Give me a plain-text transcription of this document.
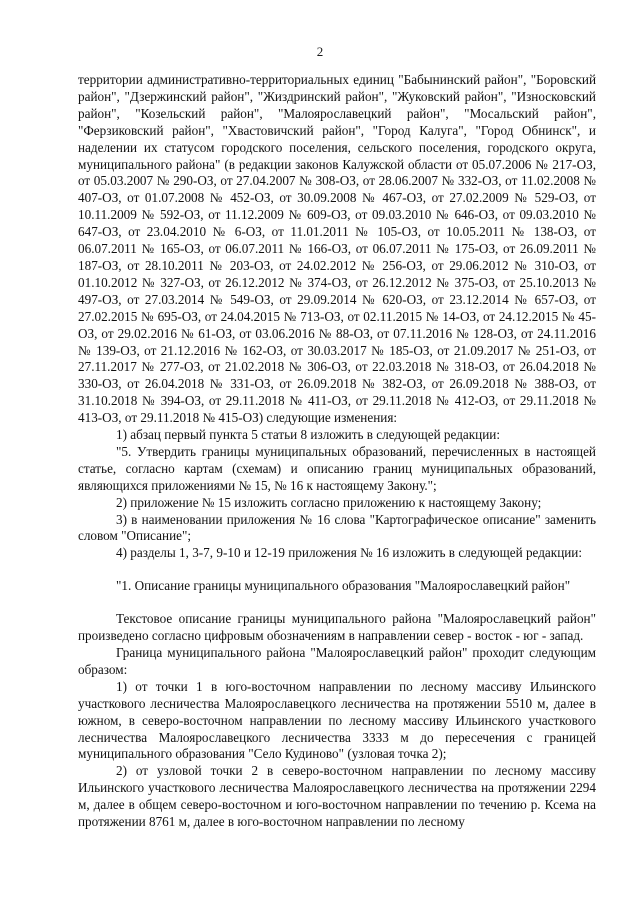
2

территории административно-территориальных единиц "Бабынинский район", "Боровский район", "Дзержинский район", "Жиздринский район", "Жуковский район", "Износковский район", "Козельский район", "Малоярославецкий район", "Мосальский район", "Ферзиковский район", "Хвастовичский район", "Город Калуга", "Город Обнинск", и наделении их статусом городского поселения, сельского поселения, городского округа, муниципального района" (в редакции законов Калужской области от 05.07.2006 № 217-ОЗ, от 05.03.2007 № 290-ОЗ, от 27.04.2007 № 308-ОЗ, от 28.06.2007 № 332-ОЗ, от 11.02.2008 № 407-ОЗ, от 01.07.2008 № 452-ОЗ, от 30.09.2008 № 467-ОЗ, от 27.02.2009 № 529-ОЗ, от 10.11.2009 № 592-ОЗ, от 11.12.2009 № 609-ОЗ, от 09.03.2010 № 646-ОЗ, от 09.03.2010 № 647-ОЗ, от 23.04.2010 № 6-ОЗ, от 11.01.2011 № 105-ОЗ, от 10.05.2011 № 138-ОЗ, от 06.07.2011 № 165-ОЗ, от 06.07.2011 № 166-ОЗ, от 06.07.2011 № 175-ОЗ, от 26.09.2011 № 187-ОЗ, от 28.10.2011 № 203-ОЗ, от 24.02.2012 № 256-ОЗ, от 29.06.2012 № 310-ОЗ, от 01.10.2012 № 327-ОЗ, от 26.12.2012 № 374-ОЗ, от 26.12.2012 № 375-ОЗ, от 25.10.2013 № 497-ОЗ, от 27.03.2014 № 549-ОЗ, от 29.09.2014 № 620-ОЗ, от 23.12.2014 № 657-ОЗ, от 27.02.2015 № 695-ОЗ, от 24.04.2015 № 713-ОЗ, от 02.11.2015 № 14-ОЗ, от 24.12.2015 № 45-ОЗ, от 29.02.2016 № 61-ОЗ, от 03.06.2016 № 88-ОЗ, от 07.11.2016 № 128-ОЗ, от 24.11.2016 № 139-ОЗ, от 21.12.2016 № 162-ОЗ, от 30.03.2017 № 185-ОЗ, от 21.09.2017 № 251-ОЗ, от 27.11.2017 № 277-ОЗ, от 21.02.2018 № 306-ОЗ, от 22.03.2018 № 318-ОЗ, от 26.04.2018 № 330-ОЗ, от 26.04.2018 № 331-ОЗ, от 26.09.2018 № 382-ОЗ, от 26.09.2018 № 388-ОЗ, от 31.10.2018 № 394-ОЗ, от 29.11.2018 № 411-ОЗ, от 29.11.2018 № 412-ОЗ, от 29.11.2018 № 413-ОЗ, от 29.11.2018 № 415-ОЗ) следующие изменения:

1) абзац первый пункта 5 статьи 8 изложить в следующей редакции:

"5. Утвердить границы муниципальных образований, перечисленных в настоящей статье, согласно картам (схемам) и описанию границ муниципальных образований, являющихся приложениями № 15, № 16 к настоящему Закону.";

2) приложение № 15 изложить согласно приложению к настоящему Закону;

3) в наименовании приложения № 16 слова "Картографическое описание" заменить словом "Описание";

4) разделы 1, 3-7, 9-10 и 12-19 приложения № 16 изложить в следующей редакции:

"1. Описание границы муниципального образования "Малоярославецкий район"

Текстовое описание границы муниципального района "Малоярославецкий район" произведено согласно цифровым обозначениям в направлении север - восток - юг - запад.

Граница муниципального района "Малоярославецкий район" проходит следующим образом:

1) от точки 1 в юго-восточном направлении по лесному массиву Ильинского участкового лесничества Малоярославецкого лесничества на протяжении 5510 м, далее в южном, в северо-восточном направлении по лесному массиву Ильинского участкового лесничества Малоярославецкого лесничества 3333 м до пересечения с границей муниципального образования "Село Кудиново" (узловая точка 2);

2) от узловой точки 2 в северо-восточном направлении по лесному массиву Ильинского участкового лесничества Малоярославецкого лесничества на протяжении 2294 м, далее в общем северо-восточном и юго-восточном направлении по течению р. Ксема на протяжении 8761 м, далее в юго-восточном направлении по лесному
